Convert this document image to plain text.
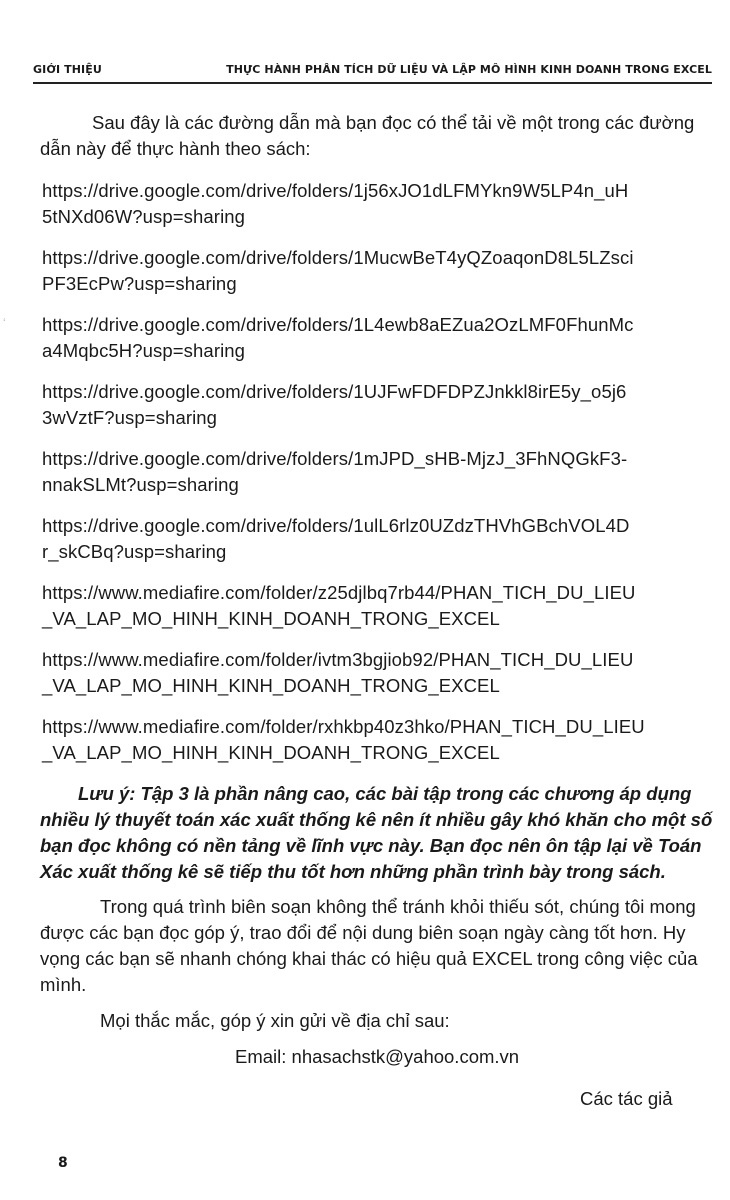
GIỚI THIỆU	THỰC HÀNH PHÂN TÍCH DỮ LIỆU VÀ LẬP MÔ HÌNH KINH DOANH TRONG EXCEL
ʻ

Sau đây là các đường dẫn mà bạn đọc có thể tải về một trong các đường dẫn này để thực hành theo sách:

https://drive.google.com/drive/folders/1j56xJO1dLFMYkn9W5LP4n_uH
5tNXd06W?usp=sharing
https://drive.google.com/drive/folders/1MucwBeT4yQZoaqonD8L5LZsci
PF3EcPw?usp=sharing
https://drive.google.com/drive/folders/1L4ewb8aEZua2OzLMF0FhunMc
a4Mqbc5H?usp=sharing
https://drive.google.com/drive/folders/1UJFwFDFDPZJnkkl8irE5y_o5j6
3wVztF?usp=sharing
https://drive.google.com/drive/folders/1mJPD_sHB-MjzJ_3FhNQGkF3-
nnakSLMt?usp=sharing
https://drive.google.com/drive/folders/1ulL6rlz0UZdzTHVhGBchVOL4D
r_skCBq?usp=sharing
https://www.mediafire.com/folder/z25djlbq7rb44/PHAN_TICH_DU_LIEU
_VA_LAP_MO_HINH_KINH_DOANH_TRONG_EXCEL
https://www.mediafire.com/folder/ivtm3bgjiob92/PHAN_TICH_DU_LIEU
_VA_LAP_MO_HINH_KINH_DOANH_TRONG_EXCEL
https://www.mediafire.com/folder/rxhkbp40z3hko/PHAN_TICH_DU_LIEU
_VA_LAP_MO_HINH_KINH_DOANH_TRONG_EXCEL

Lưu ý: Tập 3 là phần nâng cao, các bài tập trong các chương áp dụng nhiều lý thuyết toán xác xuất thống kê nên ít nhiều gây khó khăn cho một số bạn đọc không có nền tảng về lĩnh vực này. Bạn đọc nên ôn tập lại về Toán Xác xuất thống kê sẽ tiếp thu tốt hơn những phần trình bày trong sách.

Trong quá trình biên soạn không thể tránh khỏi thiếu sót, chúng tôi mong được các bạn đọc góp ý, trao đổi để nội dung biên soạn ngày càng tốt hơn. Hy vọng các bạn sẽ nhanh chóng khai thác có hiệu quả EXCEL trong công việc của mình.

Mọi thắc mắc, góp ý xin gửi về địa chỉ sau:

Email: nhasachstk@yahoo.com.vn
Các tác giả
8
